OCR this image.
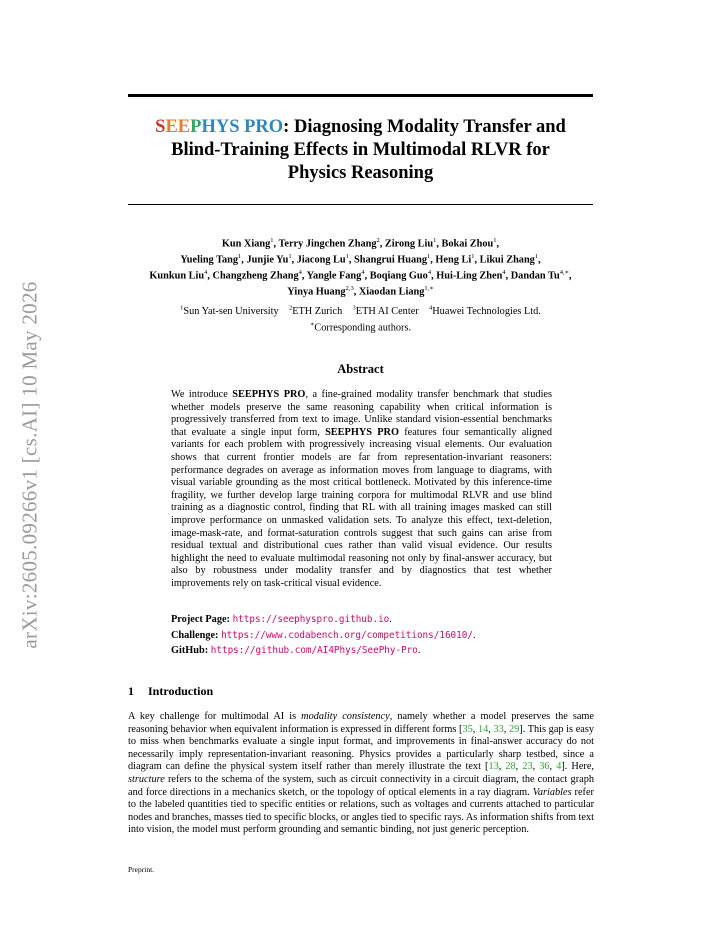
arXiv:2605.09266v1 [cs.AI] 10 May 2026
SEEPHYS PRO: Diagnosing Modality Transfer and
Blind-Training Effects in Multimodal RLVR for
Physics Reasoning
Kun Xiang$^1$, Terry Jingchen Zhang$^2$, Zirong Liu$^1$, Bokai Zhou$^1$,
Yueling Tang$^1$, Junjie Yu$^1$, Jiacong Lu$^1$, Shangrui Huang$^1$, Heng Li$^1$, Likui Zhang$^1$,
Kunkun Liu$^4$, Changzheng Zhang$^4$, Yangle Fang$^4$, Boqiang Guo$^4$, Hui-Ling Zhen$^4$, Dandan $Tu^{4,∗}$,
Yinya Huang$^{2,3}$, Xiaodan Liang$^{1,∗}$
$^1$Sun Yat-sen University $^2$ETH Zurich $^3$ETH AI Center $^4$Huawei Technologies Ltd.
∗Corresponding authors.
Abstract
We introduce SEEPHYS PRO, a fine-grained modality transfer benchmark that studies whether models preserve the same reasoning capability when critical information is progressively transferred from text to image. Unlike standard vision-essential benchmarks that evaluate a single input form, SEEPHYS PRO features four semantically aligned variants for each problem with progressively increasing visual elements. Our evaluation shows that current frontier models are far from representation-invariant reasoners: performance degrades on average as information moves from language to diagrams, with visual variable grounding as the most critical bottleneck. Motivated by this inference-time fragility, we further develop large training corpora for multimodal RLVR and use blind training as a diagnostic control, finding that RL with all training images masked can still improve performance on unmasked validation sets. To analyze this effect, text-deletion, image-mask-rate, and format-saturation controls suggest that such gains can arise from residual textual and distributional cues rather than valid visual evidence. Our results highlight the need to evaluate multimodal reasoning not only by final-answer accuracy, but also by robustness under modality transfer and by diagnostics that test whether improvements rely on task-critical visual evidence.
Project Page: https://seephyspro.github.io.
Challenge: https://www.codabench.org/competitions/16010/.
GitHub: https://github.com/AI4Phys/SeePhy-Pro.
1 Introduction
A key challenge for multimodal AI is modality consistency, namely whether a model preserves the same reasoning behavior when equivalent information is expressed in different forms [35, 14, 33, 29]. This gap is easy to miss when benchmarks evaluate a single input format, and improvements in final-answer accuracy do not necessarily imply representation-invariant reasoning. Physics provides a particularly sharp testbed, since a diagram can define the physical system itself rather than merely illustrate the text [13, 28, 23, 36, 4]. Here, structure refers to the schema of the system, such as circuit connectivity in a circuit diagram, the contact graph and force directions in a mechanics sketch, or the topology of optical elements in a ray diagram. Variables refer to the labeled quantities tied to specific entities or relations, such as voltages and currents attached to particular nodes and branches, masses tied to specific blocks, or angles tied to specific rays. As information shifts from text into vision, the model must perform grounding and semantic binding, not just generic perception.
Preprint.
